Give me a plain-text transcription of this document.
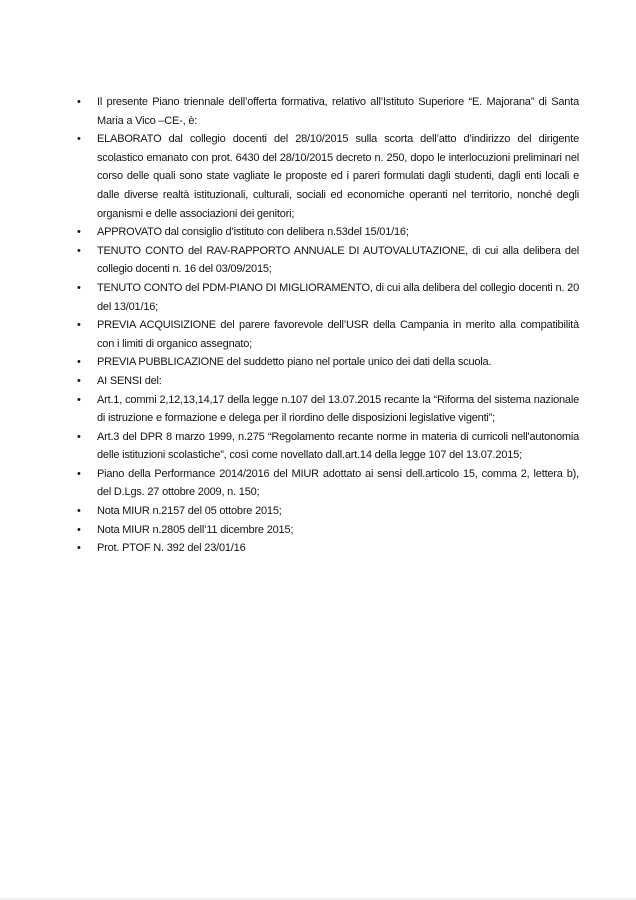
•	Il presente Piano triennale dell’offerta formativa, relativo all’Istituto Superiore “E. Majorana” di Santa Maria a Vico –CE-, è:
•	ELABORATO dal collegio docenti del 28/10/2015 sulla scorta dell’atto d’indirizzo del dirigente scolastico emanato con prot. 6430 del 28/10/2015 decreto n. 250, dopo le interlocuzioni preliminari nel corso delle quali sono state vagliate le proposte ed i pareri formulati dagli studenti, dagli enti locali e dalle diverse realtà istituzionali, culturali, sociali ed economiche operanti nel territorio, nonché degli organismi e delle associazioni dei genitori;
•	APPROVATO dal consiglio d’istituto con delibera n.53del 15/01/16;
•	TENUTO CONTO del RAV-RAPPORTO ANNUALE DI AUTOVALUTAZIONE, di cui alla delibera del collegio docenti n. 16 del 03/09/2015;
•	TENUTO CONTO del PDM-PIANO DI MIGLIORAMENTO, di cui alla delibera del collegio docenti n. 20 del 13/01/16;
•	PREVIA ACQUISIZIONE del parere favorevole dell’USR della Campania in merito alla compatibilità con i limiti di organico assegnato;
•	PREVIA PUBBLICAZIONE del suddetto piano nel portale unico dei dati della scuola.
•	AI SENSI del:
•	Art.1, commi 2,12,13,14,17 della legge n.107 del 13.07.2015 recante la “Riforma del sistema nazionale di istruzione e formazione e delega per il riordino delle disposizioni legislative vigenti”;
•	Art.3 del DPR 8 marzo 1999, n.275 “Regolamento recante norme in materia di curricoli nell'autonomia delle istituzioni scolastiche”, così come novellato dall.art.14 della legge 107 del 13.07.2015;
•	Piano della Performance 2014/2016 del MIUR adottato ai sensi dell.articolo 15, comma 2, lettera b), del D.Lgs. 27 ottobre 2009, n. 150;
•	Nota MIUR n.2157 del 05 ottobre 2015;
•	Nota MIUR n.2805 dell’11 dicembre 2015;
•	Prot. PTOF N. 392 del 23/01/16
